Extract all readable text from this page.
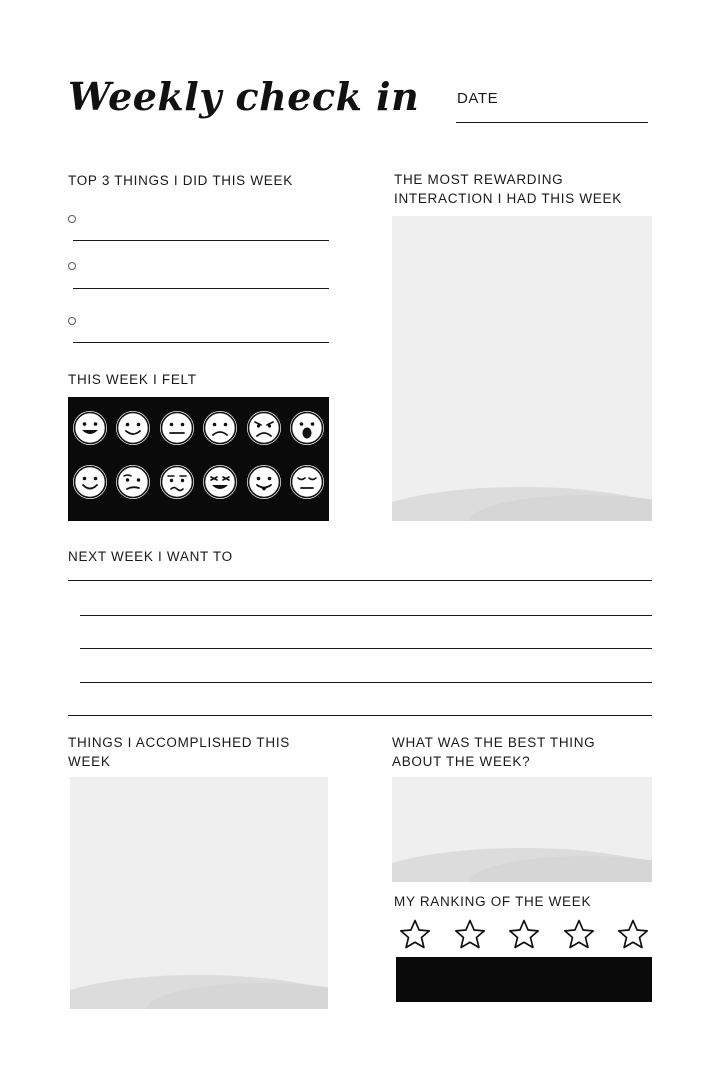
Weekly check in	DATE
TOP 3 THINGS I DID THIS WEEK
THIS WEEK I FELT
THE MOST REWARDING INTERACTION I HAD THIS WEEK
NEXT WEEK I WANT TO
THINGS I ACCOMPLISHED THIS WEEK
WHAT WAS THE BEST THING ABOUT THE WEEK?
MY RANKING OF THE WEEK
